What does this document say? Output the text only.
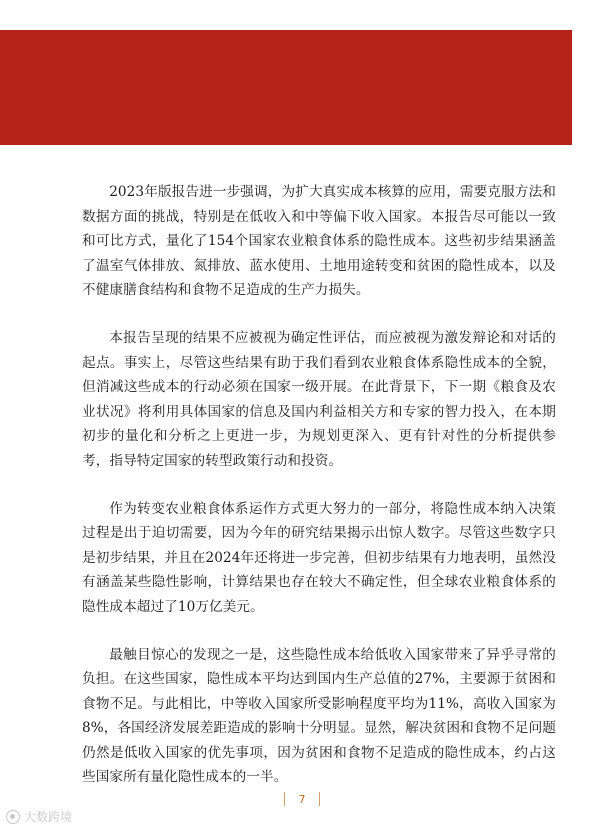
2023年版报告进一步强调，为扩大真实成本核算的应用，需要克服方法和数据方面的挑战，特别是在低收入和中等偏下收入国家。本报告尽可能以一致和可比方式，量化了154个国家农业粮食体系的隐性成本。这些初步结果涵盖了温室气体排放、氮排放、蓝水使用、土地用途转变和贫困的隐性成本，以及不健康膳食结构和食物不足造成的生产力损失。

本报告呈现的结果不应被视为确定性评估，而应被视为激发辩论和对话的起点。事实上，尽管这些结果有助于我们看到农业粮食体系隐性成本的全貌，但消减这些成本的行动必须在国家一级开展。在此背景下，下一期《粮食及农业状况》将利用具体国家的信息及国内利益相关方和专家的智力投入，在本期初步的量化和分析之上更进一步，为规划更深入、更有针对性的分析提供参考，指导特定国家的转型政策行动和投资。

作为转变农业粮食体系运作方式更大努力的一部分，将隐性成本纳入决策过程是出于迫切需要，因为今年的研究结果揭示出惊人数字。尽管这些数字只是初步结果，并且在2024年还将进一步完善，但初步结果有力地表明，虽然没有涵盖某些隐性影响，计算结果也存在较大不确定性，但全球农业粮食体系的隐性成本超过了10万亿美元。

最触目惊心的发现之一是，这些隐性成本给低收入国家带来了异乎寻常的负担。在这些国家，隐性成本平均达到国内生产总值的27%，主要源于贫困和食物不足。与此相比，中等收入国家所受影响程度平均为11%，高收入国家为8%，各国经济发展差距造成的影响十分明显。显然，解决贫困和食物不足问题仍然是低收入国家的优先事项，因为贫困和食物不足造成的隐性成本，约占这些国家所有量化隐性成本的一半。

7
大数跨境
